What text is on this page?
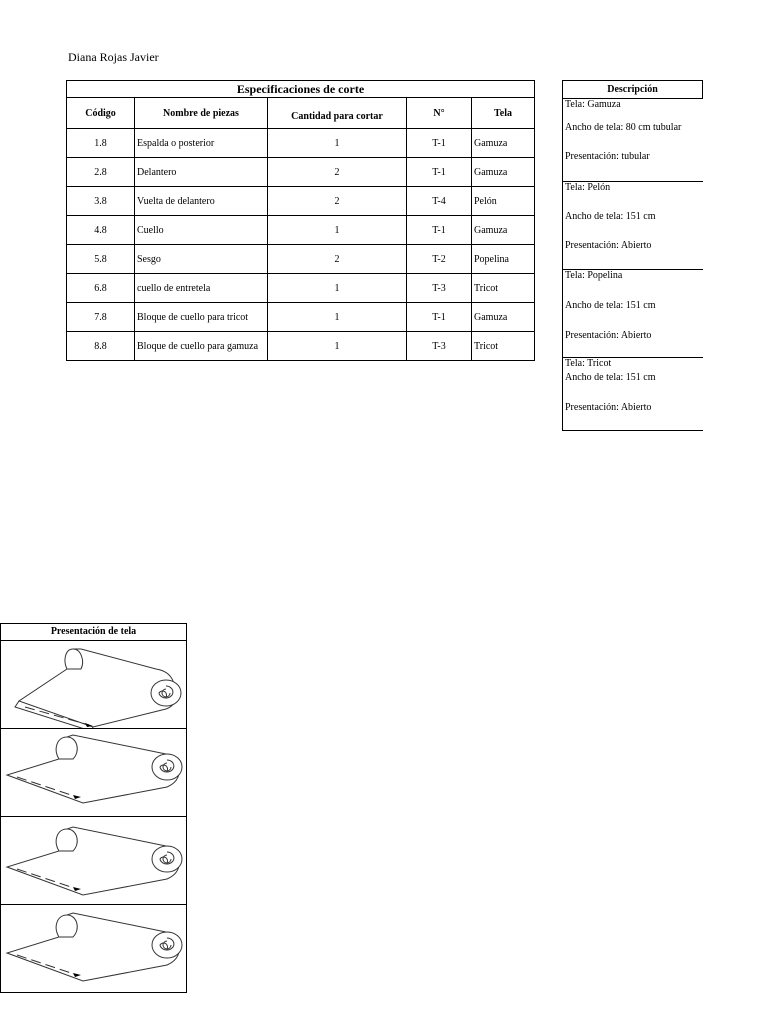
Diana Rojas Javier
Especificaciones de corte				
Código	Nombre de piezas	Cantidad para cortar	N°	Tela
1.8	Espalda o posterior	1	T-1	Gamuza
2.8	Delantero	2	T-1	Gamuza
3.8	Vuelta de delantero	2	T-4	Pelón
4.8	Cuello	1	T-1	Gamuza
5.8	Sesgo	2	T-2	Popelina
6.8	cuello de entretela	1	T-3	Tricot
7.8	Bloque de cuello para tricot	1	T-1	Gamuza
8.8	Bloque de cuello para gamuza	1	T-3	Tricot
Descripción

Tela: Gamuza

Ancho de tela: 80 cm tubular

Presentación: tubular

Tela: Pelón

Ancho de tela: 151 cm

Presentación: Abierto

Tela: Popelina

Ancho de tela: 151 cm

Presentación: Abierto

Tela: Tricot

Ancho de tela: 151 cm

Presentación: Abierto

Presentación de tela
